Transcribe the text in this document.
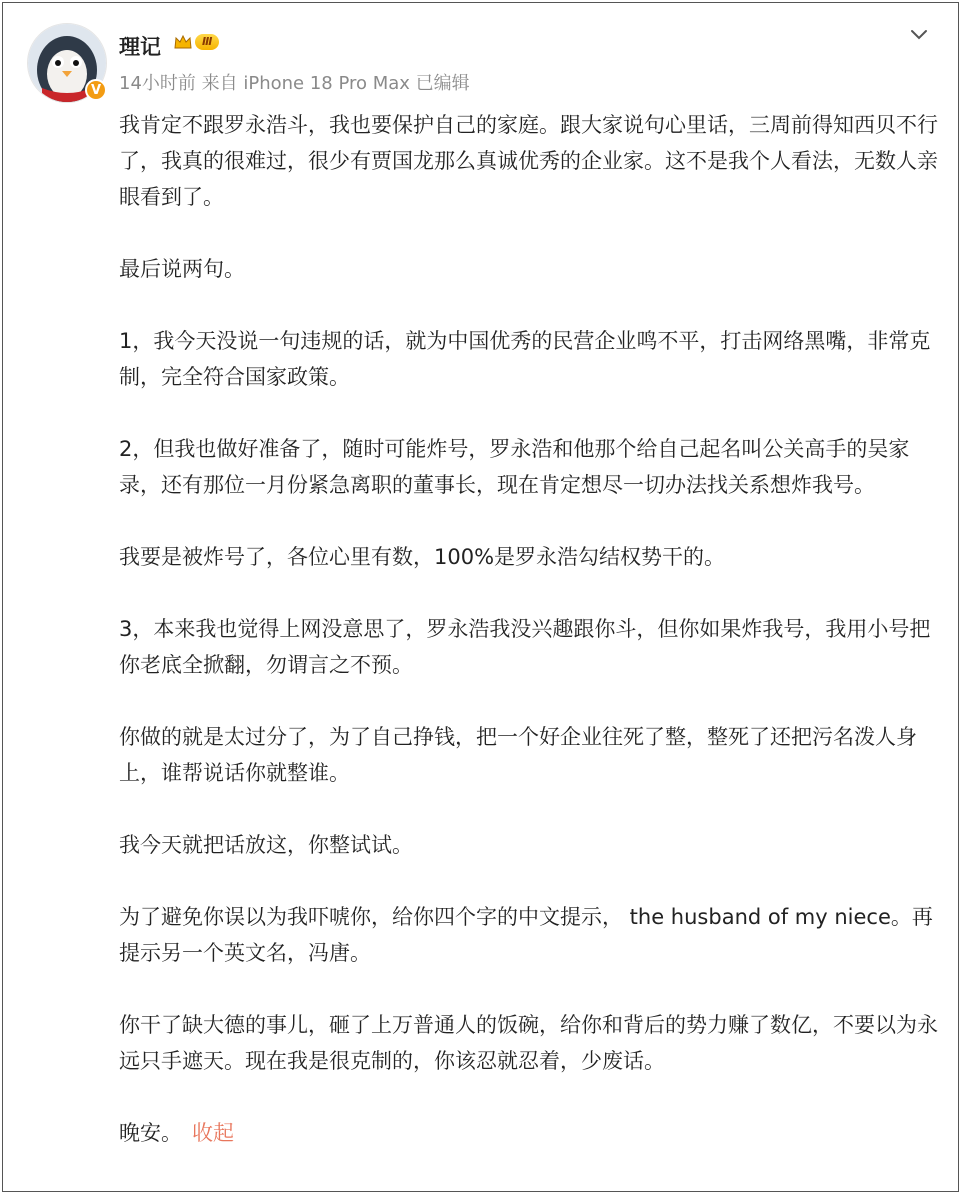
V
理记	Ⅲ
14小时前 来自 iPhone 18 Pro Max 已编辑

我肯定不跟罗永浩斗，我也要保护自己的家庭。跟大家说句心里话，三周前得知西贝不行了，我真的很难过，很少有贾国龙那么真诚优秀的企业家。这不是我个人看法，无数人亲眼看到了。

最后说两句。

1，我今天没说一句违规的话，就为中国优秀的民营企业鸣不平，打击网络黑嘴，非常克制，完全符合国家政策。

2，但我也做好准备了，随时可能炸号，罗永浩和他那个给自己起名叫公关高手的吴家录，还有那位一月份紧急离职的董事长，现在肯定想尽一切办法找关系想炸我号。

我要是被炸号了，各位心里有数，100%是罗永浩勾结权势干的。

3，本来我也觉得上网没意思了，罗永浩我没兴趣跟你斗，但你如果炸我号，我用小号把你老底全掀翻，勿谓言之不预。

你做的就是太过分了，为了自己挣钱，把一个好企业往死了整，整死了还把污名泼人身上，谁帮说话你就整谁。

我今天就把话放这，你整试试。

为了避免你误以为我吓唬你，给你四个字的中文提示， the husband of my niece。再提示另一个英文名，冯唐。

你干了缺大德的事儿，砸了上万普通人的饭碗，给你和背后的势力赚了数亿，不要以为永远只手遮天。现在我是很克制的，你该忍就忍着，少废话。

晚安。 收起
